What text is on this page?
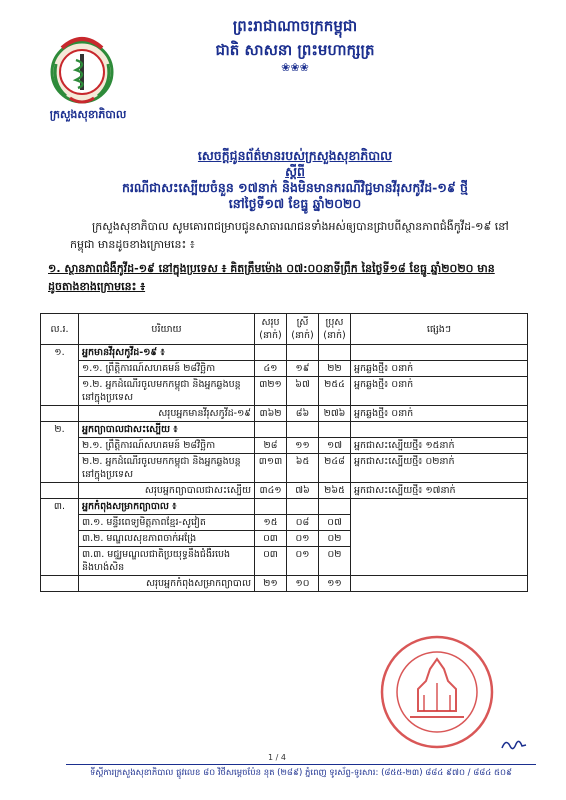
ព្រះរាជាណាចក្រកម្ពុជា
ជាតិ សាសនា ព្រះមហាក្សត្រ
❀❀❀
ក្រសួងសុខាភិបាល
សេចក្តីជូនព័ត៌មានរបស់ក្រសួងសុខាភិបាល
ស្តីពី
ករណីជាសះស្បើយចំនួន ១៧នាក់ និងមិនមានករណីវិជ្ជមានវីរុសកូវីដ-១៩ ថ្មី
នៅថ្ងៃទី១៧ ខែធ្នូ ឆ្នាំ២០២០
ក្រសួងសុខាភិបាល សូមគោរពជម្រាបជូនសាធារណជនទាំងអស់ឲ្យបានជ្រាបពីស្ថានភាពជំងឺកូវីដ-១៩ នៅកម្ពុជា មានដូចខាងក្រោមនេះ ៖
១. ស្ថានភាពជំងឺកូវីដ-១៩ នៅក្នុងប្រទេស ៖ គិតត្រឹមម៉ោង ០៧:០០នាទីព្រឹក នៃថ្ងៃទី១៨ ខែធ្នូ ឆ្នាំ២០២០ មានដូចតាងខាងក្រោមនេះ ៖
ល.រ.	បរិយាយ	សរុប (នាក់)	ស្រី (នាក់)	ប្រុស (នាក់)	ផ្សេងៗ
១.	អ្នកមានវីរុសកូវីដ-១៩ ៖				
	១.១. ព្រឹត្តិការណ៍សហគមន៍ ២៨វិច្ឆិកា	៤១	១៩	២២	អ្នកឆ្លងថ្មី៖ ០នាក់
	១.២. អ្នកដំណើរចូលមកកម្ពុជា និងអ្នកឆ្លងបន្តនៅក្នុងប្រទេស	៣២១	៦៧	២៥៤	អ្នកឆ្លងថ្មី៖ ០នាក់
	សរុបអ្នកមានវីរុសកូវីដ-១៩	៣៦២	៨៦	២៧៦	អ្នកឆ្លងថ្មី៖ ០នាក់
២.	អ្នកព្យាបាលជាសះស្បើយ ៖				
	២.១. ព្រឹត្តិការណ៍សហគមន៍ ២៨វិច្ឆិកា	២៨	១១	១៧	អ្នកជាសះស្បើយថ្មី៖ ១៥នាក់
	២.២. អ្នកដំណើរចូលមកកម្ពុជា និងអ្នកឆ្លងបន្តនៅក្នុងប្រទេស	៣១៣	៦៥	២៤៨	អ្នកជាសះស្បើយថ្មី៖ ០២នាក់
	សរុបអ្នកព្យាបាលជាសះស្បើយ	៣៤១	៧៦	២៦៥	អ្នកជាសះស្បើយថ្មី៖ ១៧នាក់
៣.	អ្នកកំពុងសម្រាកព្យាបាល ៖				
	៣.១. មន្ទីរពេទ្យមិត្តភាពខ្មែរ-សូវៀត	១៥	០៨	០៧	
	៣.២. មណ្ឌលសុខភាពចាក់អង្រែ	០៣	០១	០២	
	៣.៣. មជ្ឈមណ្ឌលជាតិប្រយុទ្ធនឹងជំងឺរបេង និងហង់សិន	០៣	០១	០២	
	សរុបអ្នកកំពុងសម្រាកព្យាបាល	២១	១០	១១	
1 / 4
ទីស្តីការក្រសួងសុខាភិបាល ផ្លូវលេខ ៨០ វិថីសម្តេចប៉ែន នុត (២៨៩) ភ្នំពេញ ទូរស័ព្ទ-ទូរសារ: (៨៥៥-២៣) ៨៨៤ ៩៧០ / ៨៨៤ ៥០៩
